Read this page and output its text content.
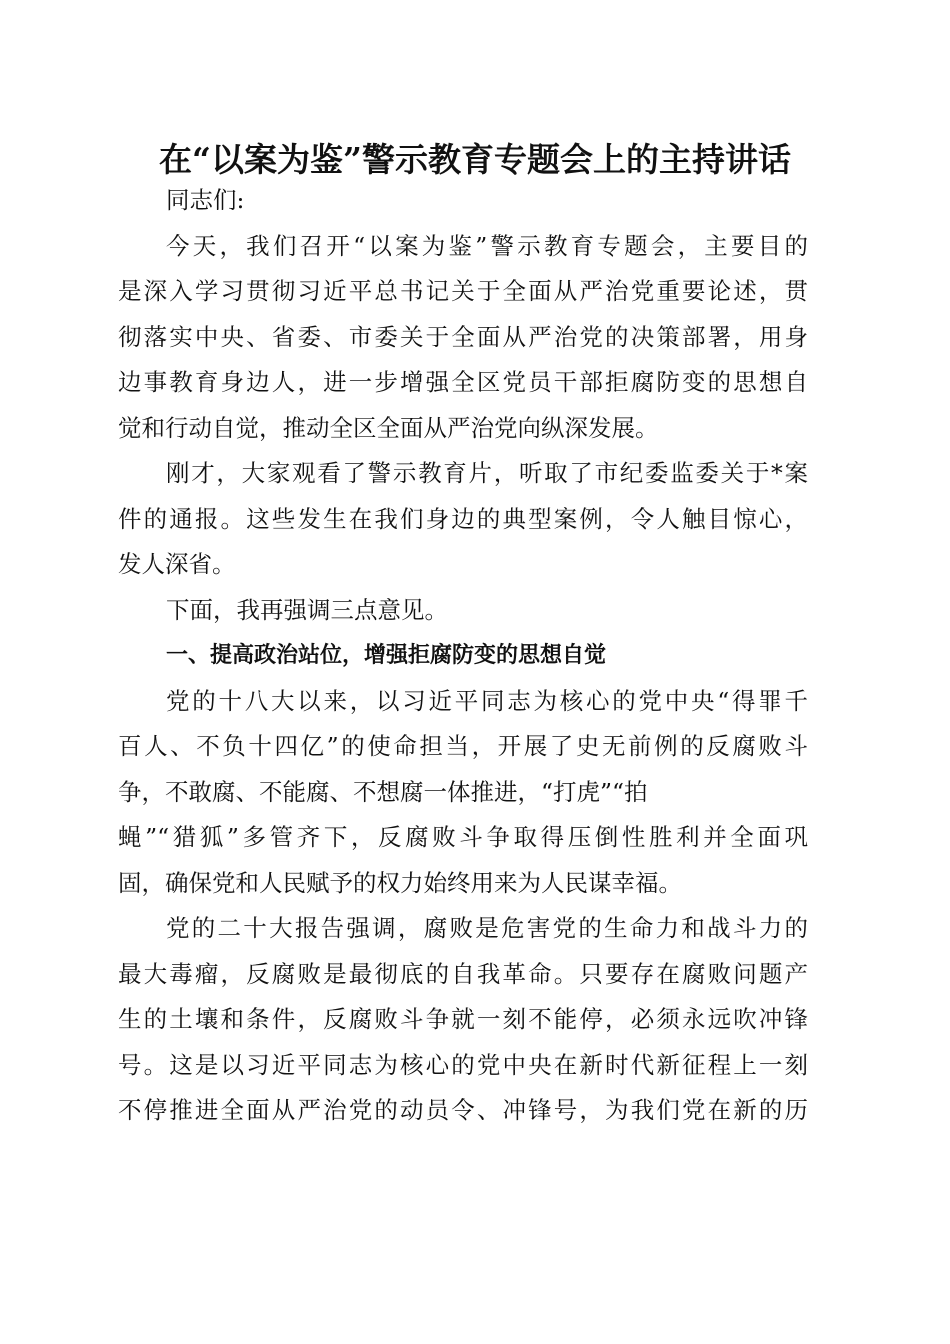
在“以案为鉴”警示教育专题会上的主持讲话
同志们:
今天，我们召开“以案为鉴”警示教育专题会，主要目的
是深入学习贯彻习近平总书记关于全面从严治党重要论述，贯
彻落实中央、省委、市委关于全面从严治党的决策部署，用身
边事教育身边人，进一步增强全区党员干部拒腐防变的思想自
觉和行动自觉，推动全区全面从严治党向纵深发展。
刚才，大家观看了警示教育片，听取了市纪委监委关于*案
件的通报。这些发生在我们身边的典型案例，令人触目惊心，
发人深省。
下面，我再强调三点意见。
一、提高政治站位，增强拒腐防变的思想自觉
党的十八大以来，以习近平同志为核心的党中央“得罪千
百人、不负十四亿”的使命担当，开展了史无前例的反腐败斗
争，不敢腐、不能腐、不想腐一体推进，“打虎”“拍
蝇”“猎狐”多管齐下，反腐败斗争取得压倒性胜利并全面巩
固，确保党和人民赋予的权力始终用来为人民谋幸福。
党的二十大报告强调，腐败是危害党的生命力和战斗力的
最大毒瘤，反腐败是最彻底的自我革命。只要存在腐败问题产
生的土壤和条件，反腐败斗争就一刻不能停，必须永远吹冲锋
号。这是以习近平同志为核心的党中央在新时代新征程上一刻
不停推进全面从严治党的动员令、冲锋号，为我们党在新的历
